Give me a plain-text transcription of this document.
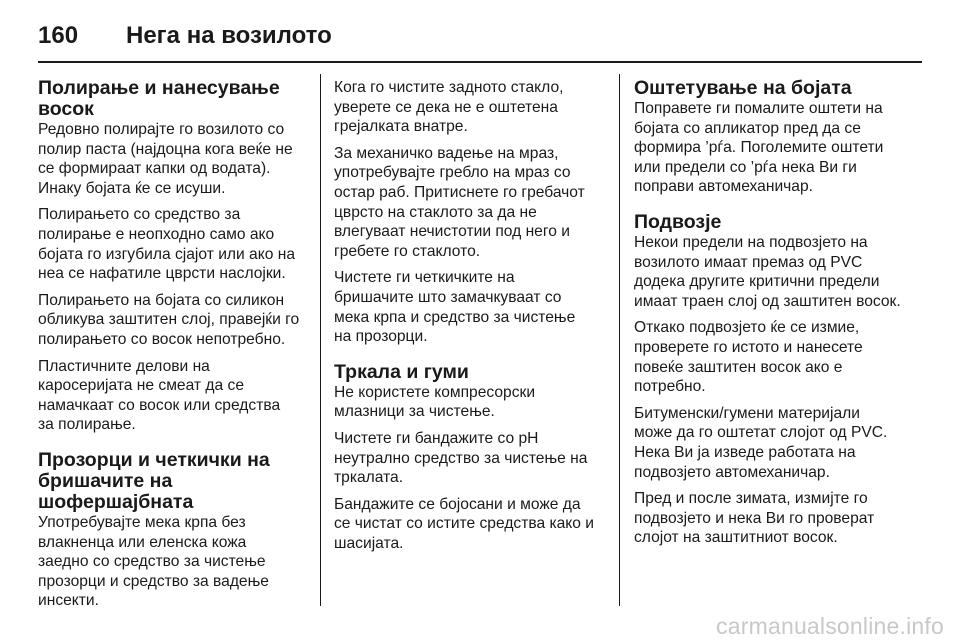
160	Нега на возилото
Полирање и нанесување восок

Редовно полирајте го возилото со полир паста (најдоцна кога веќе не се формираат капки од водата). Инаку бојата ќе се исуши.

Полирањето со средство за полирање е неопходно само ако бојата го изгубила сјајот или ако на неа се нафатиле цврсти наслојки.

Полирањето на бојата со силикон обликува заштитен слој, правејќи го полирањето со восок непотребно.

Пластичните делови на каросеријата не смеат да се намачкаат со восок или средства за полирање.

Прозорци и четкички на бришачите на шофершајбната

Употребувајте мека крпа без влакненца или еленска кожа заедно со средство за чистење прозорци и средство за вадење инсекти.

Кога го чистите задното стакло, уверете се дека не е оштетена грејалката внатре.

За механичко вадење на мраз, употребувајте гребло на мраз со остар раб. Притиснете го гребачот цврсто на стаклото за да не влегуваат нечистотии под него и гребете го стаклото.

Чистете ги четкичките на бришачите што замачкуваат со мека крпа и средство за чистење на прозорци.

Тркала и гуми

Не користете компресорски млазници за чистење.

Чистете ги бандажите со pH неутрално средство за чистење на тркалата.

Бандажите се бојосани и може да се чистат со истите средства како и шасијата.

Оштетување на бојата

Поправете ги помалите оштети на бојата со апликатор пред да се формира ’рѓа. Поголемите оштети или предели со ’рѓа нека Ви ги поправи автомеханичар.

Подвозје

Некои предели на подвозјето на возилото имаат премаз од PVC додека другите критични предели имаат траен слој од заштитен восок.

Откако подвозјето ќе се измие, проверете го истото и нанесете повеќе заштитен восок ако е потребно.

Битуменски/гумени материјали може да го оштетат слојот од PVC. Нека Ви ја изведе работата на подвозјето автомеханичар.

Пред и после зимата, измијте го подвозјето и нека Ви го проверат слојот на заштитниот восок.

carmanualsonline.info
